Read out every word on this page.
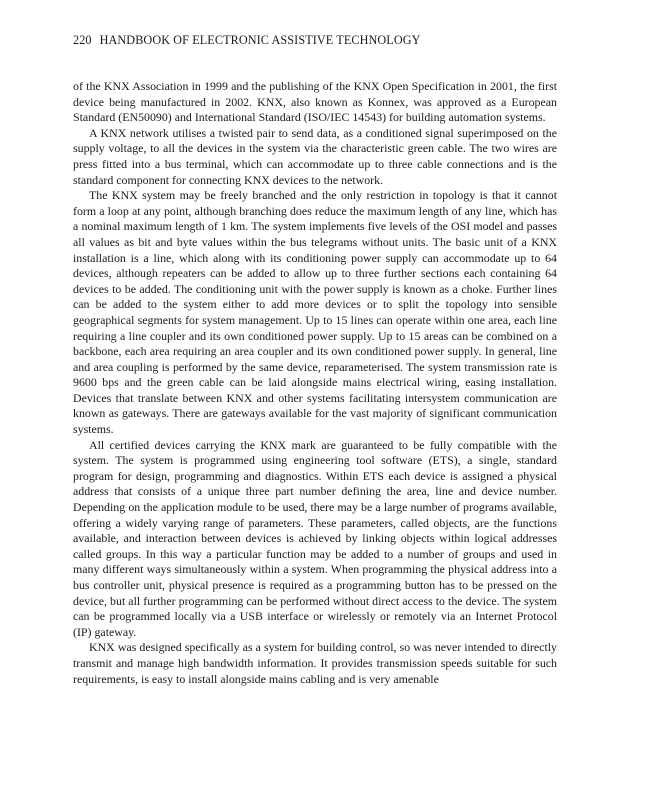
220 HANDBOOK OF ELECTRONIC ASSISTIVE TECHNOLOGY

of the KNX Association in 1999 and the publishing of the KNX Open Specification in 2001, the first device being manufactured in 2002. KNX, also known as Konnex, was approved as a European Standard (EN50090) and International Standard (ISO/IEC 14543) for building automation systems.

A KNX network utilises a twisted pair to send data, as a conditioned signal superimposed on the supply voltage, to all the devices in the system via the characteristic green cable. The two wires are press fitted into a bus terminal, which can accommodate up to three cable connections and is the standard component for connecting KNX devices to the network.

The KNX system may be freely branched and the only restriction in topology is that it cannot form a loop at any point, although branching does reduce the maximum length of any line, which has a nominal maximum length of 1 km. The system implements five levels of the OSI model and passes all values as bit and byte values within the bus telegrams without units. The basic unit of a KNX installation is a line, which along with its conditioning power supply can accommodate up to 64 devices, although repeaters can be added to allow up to three further sections each containing 64 devices to be added. The conditioning unit with the power supply is known as a choke. Further lines can be added to the system either to add more devices or to split the topology into sensible geographical segments for system management. Up to 15 lines can operate within one area, each line requiring a line coupler and its own conditioned power supply. Up to 15 areas can be combined on a backbone, each area requiring an area coupler and its own conditioned power supply. In general, line and area coupling is performed by the same device, reparameterised. The system transmission rate is 9600 bps and the green cable can be laid alongside mains electrical wiring, easing installation. Devices that translate between KNX and other systems facilitating intersystem communication are known as gateways. There are gateways available for the vast majority of significant communication systems.

All certified devices carrying the KNX mark are guaranteed to be fully compatible with the system. The system is programmed using engineering tool software (ETS), a single, standard program for design, programming and diagnostics. Within ETS each device is assigned a physical address that consists of a unique three part number defining the area, line and device number. Depending on the application module to be used, there may be a large number of programs available, offering a widely varying range of parameters. These parameters, called objects, are the functions available, and interaction between devices is achieved by linking objects within logical addresses called groups. In this way a particular function may be added to a number of groups and used in many different ways simultaneously within a system. When programming the physical address into a bus controller unit, physical presence is required as a programming button has to be pressed on the device, but all further programming can be performed without direct access to the device. The system can be programmed locally via a USB interface or wirelessly or remotely via an Internet Protocol (IP) gateway.

KNX was designed specifically as a system for building control, so was never intended to directly transmit and manage high bandwidth information. It provides transmission speeds suitable for such requirements, is easy to install alongside mains cabling and is very amenable
